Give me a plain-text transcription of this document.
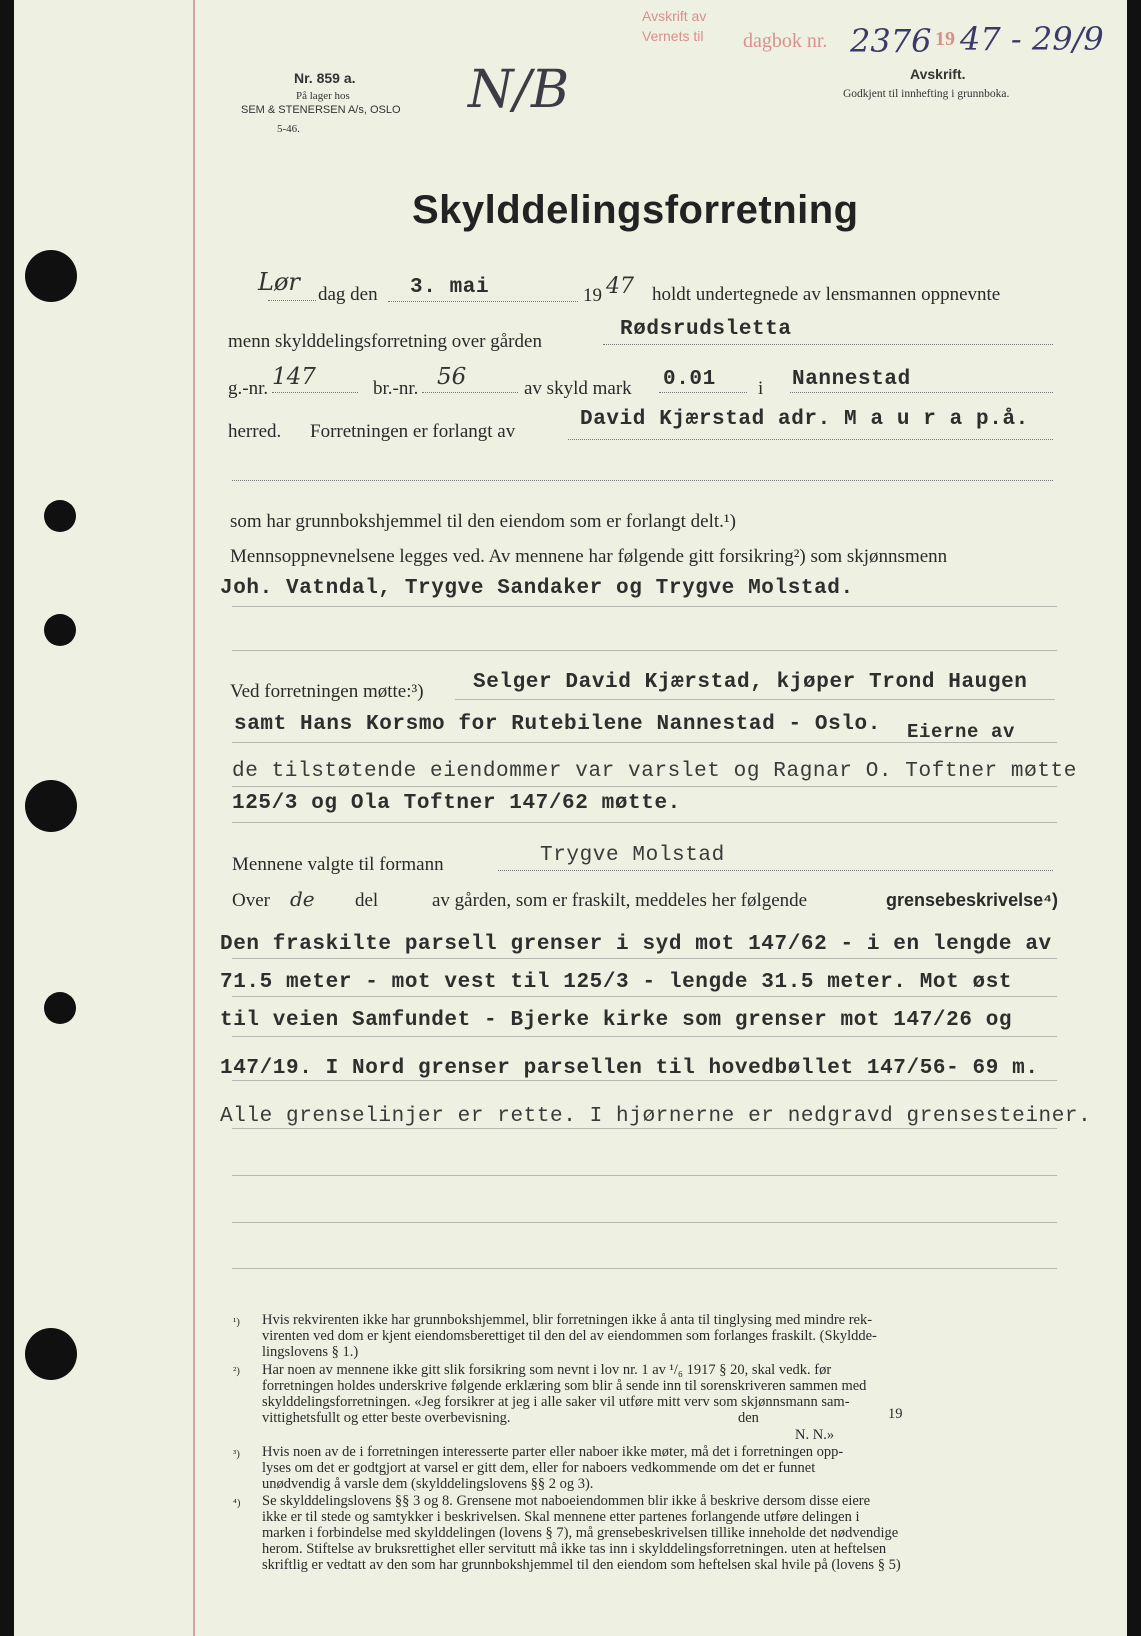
Nr. 859 a.
På lager hos
SEM & STENERSEN A/s, OSLO
5-46.
N/B
Avskrift av
Vernets til dagbok nr. 2376 19 47 - 29/9
Avskrift.
Godkjent til innhefting i grunnboka.
Skylddelingsforretning
Lør dag den 3. mai	19 47 holdt undertegnede av lensmannen oppnevnte
menn skylddelingsforretning over gården
Rødsrudsletta
g.-nr. 147	br.-nr. 56	av skyld mark 0.01 i Nannestad
herred. Forretningen er forlangt av
David Kjærstad adr. M a u r a p.å.
som har grunnbokshjemmel til den eiendom som er forlangt delt.¹)
Mennsoppnevnelsene legges ved. Av mennene har følgende gitt forsikring²) som skjønnsmenn
Joh. Vatndal, Trygve Sandaker og Trygve Molstad.
Ved forretningen møtte:³) Selger David Kjærstad, kjøper Trond Haugen
samt Hans Korsmo for Rutebilene Nannestad - Oslo. Eierne av
de tilstøtende eiendommer var varslet og Ragnar O. Toftner møtte
125/3 og Ola Toftner 147/62 møtte.
Mennene valgte til formann	Trygve Molstad
Over de del	av gården, som er fraskilt, meddeles her følgende	grensebeskrivelse⁴)
Den fraskilte parsell grenser i syd mot 147/62 - i en lengde av
71.5 meter - mot vest til 125/3 - lengde 31.5 meter. Mot øst
til veien Samfundet - Bjerke kirke som grenser mot 147/26 og
147/19. I Nord grenser parsellen til hovedbøllet 147/56- 69 m.
Alle grenselinjer er rette. I hjørnerne er nedgravd grensesteiner.
¹) Hvis rekvirenten ikke har grunnbokshjemmel, blir forretningen ikke å anta til tinglysing med mindre rek-
virenten ved dom er kjent eiendomsberettiget til den del av eiendommen som forlanges fraskilt. (Skyldde-
lingslovens § 1.)
²) Har noen av mennene ikke gitt slik forsikring som nevnt i lov nr. 1 av ¹/₆ 1917 § 20, skal vedk. før
forretningen holdes underskrive følgende erklæring som blir å sende inn til sorenskriveren sammen med
skylddelingsforretningen. «Jeg forsikrer at jeg i alle saker vil utføre mitt verv som skjønnsmann sam-
vittighetsfullt og etter beste overbevisning.	den	19
N. N.»
³) Hvis noen av de i forretningen interesserte parter eller naboer ikke møter, må det i forretningen opp-
lyses om det er godtgjort at varsel er gitt dem, eller for naboers vedkommende om det er funnet
unødvendig å varsle dem (skylddelingslovens §§ 2 og 3).
⁴) Se skylddelingslovens §§ 3 og 8. Grensene mot naboeiendommen blir ikke å beskrive dersom disse eiere
ikke er til stede og samtykker i beskrivelsen. Skal mennene etter partenes forlangende utføre delingen i
marken i forbindelse med skylddelingen (lovens § 7), må grensebeskrivelsen tillike inneholde det nødvendige
herom. Stiftelse av bruksrettighet eller servitutt må ikke tas inn i skylddelingsforretningen. uten at heftelsen
skriftlig er vedtatt av den som har grunnbokshjemmel til den eiendom som heftelsen skal hvile på (lovens § 5)
